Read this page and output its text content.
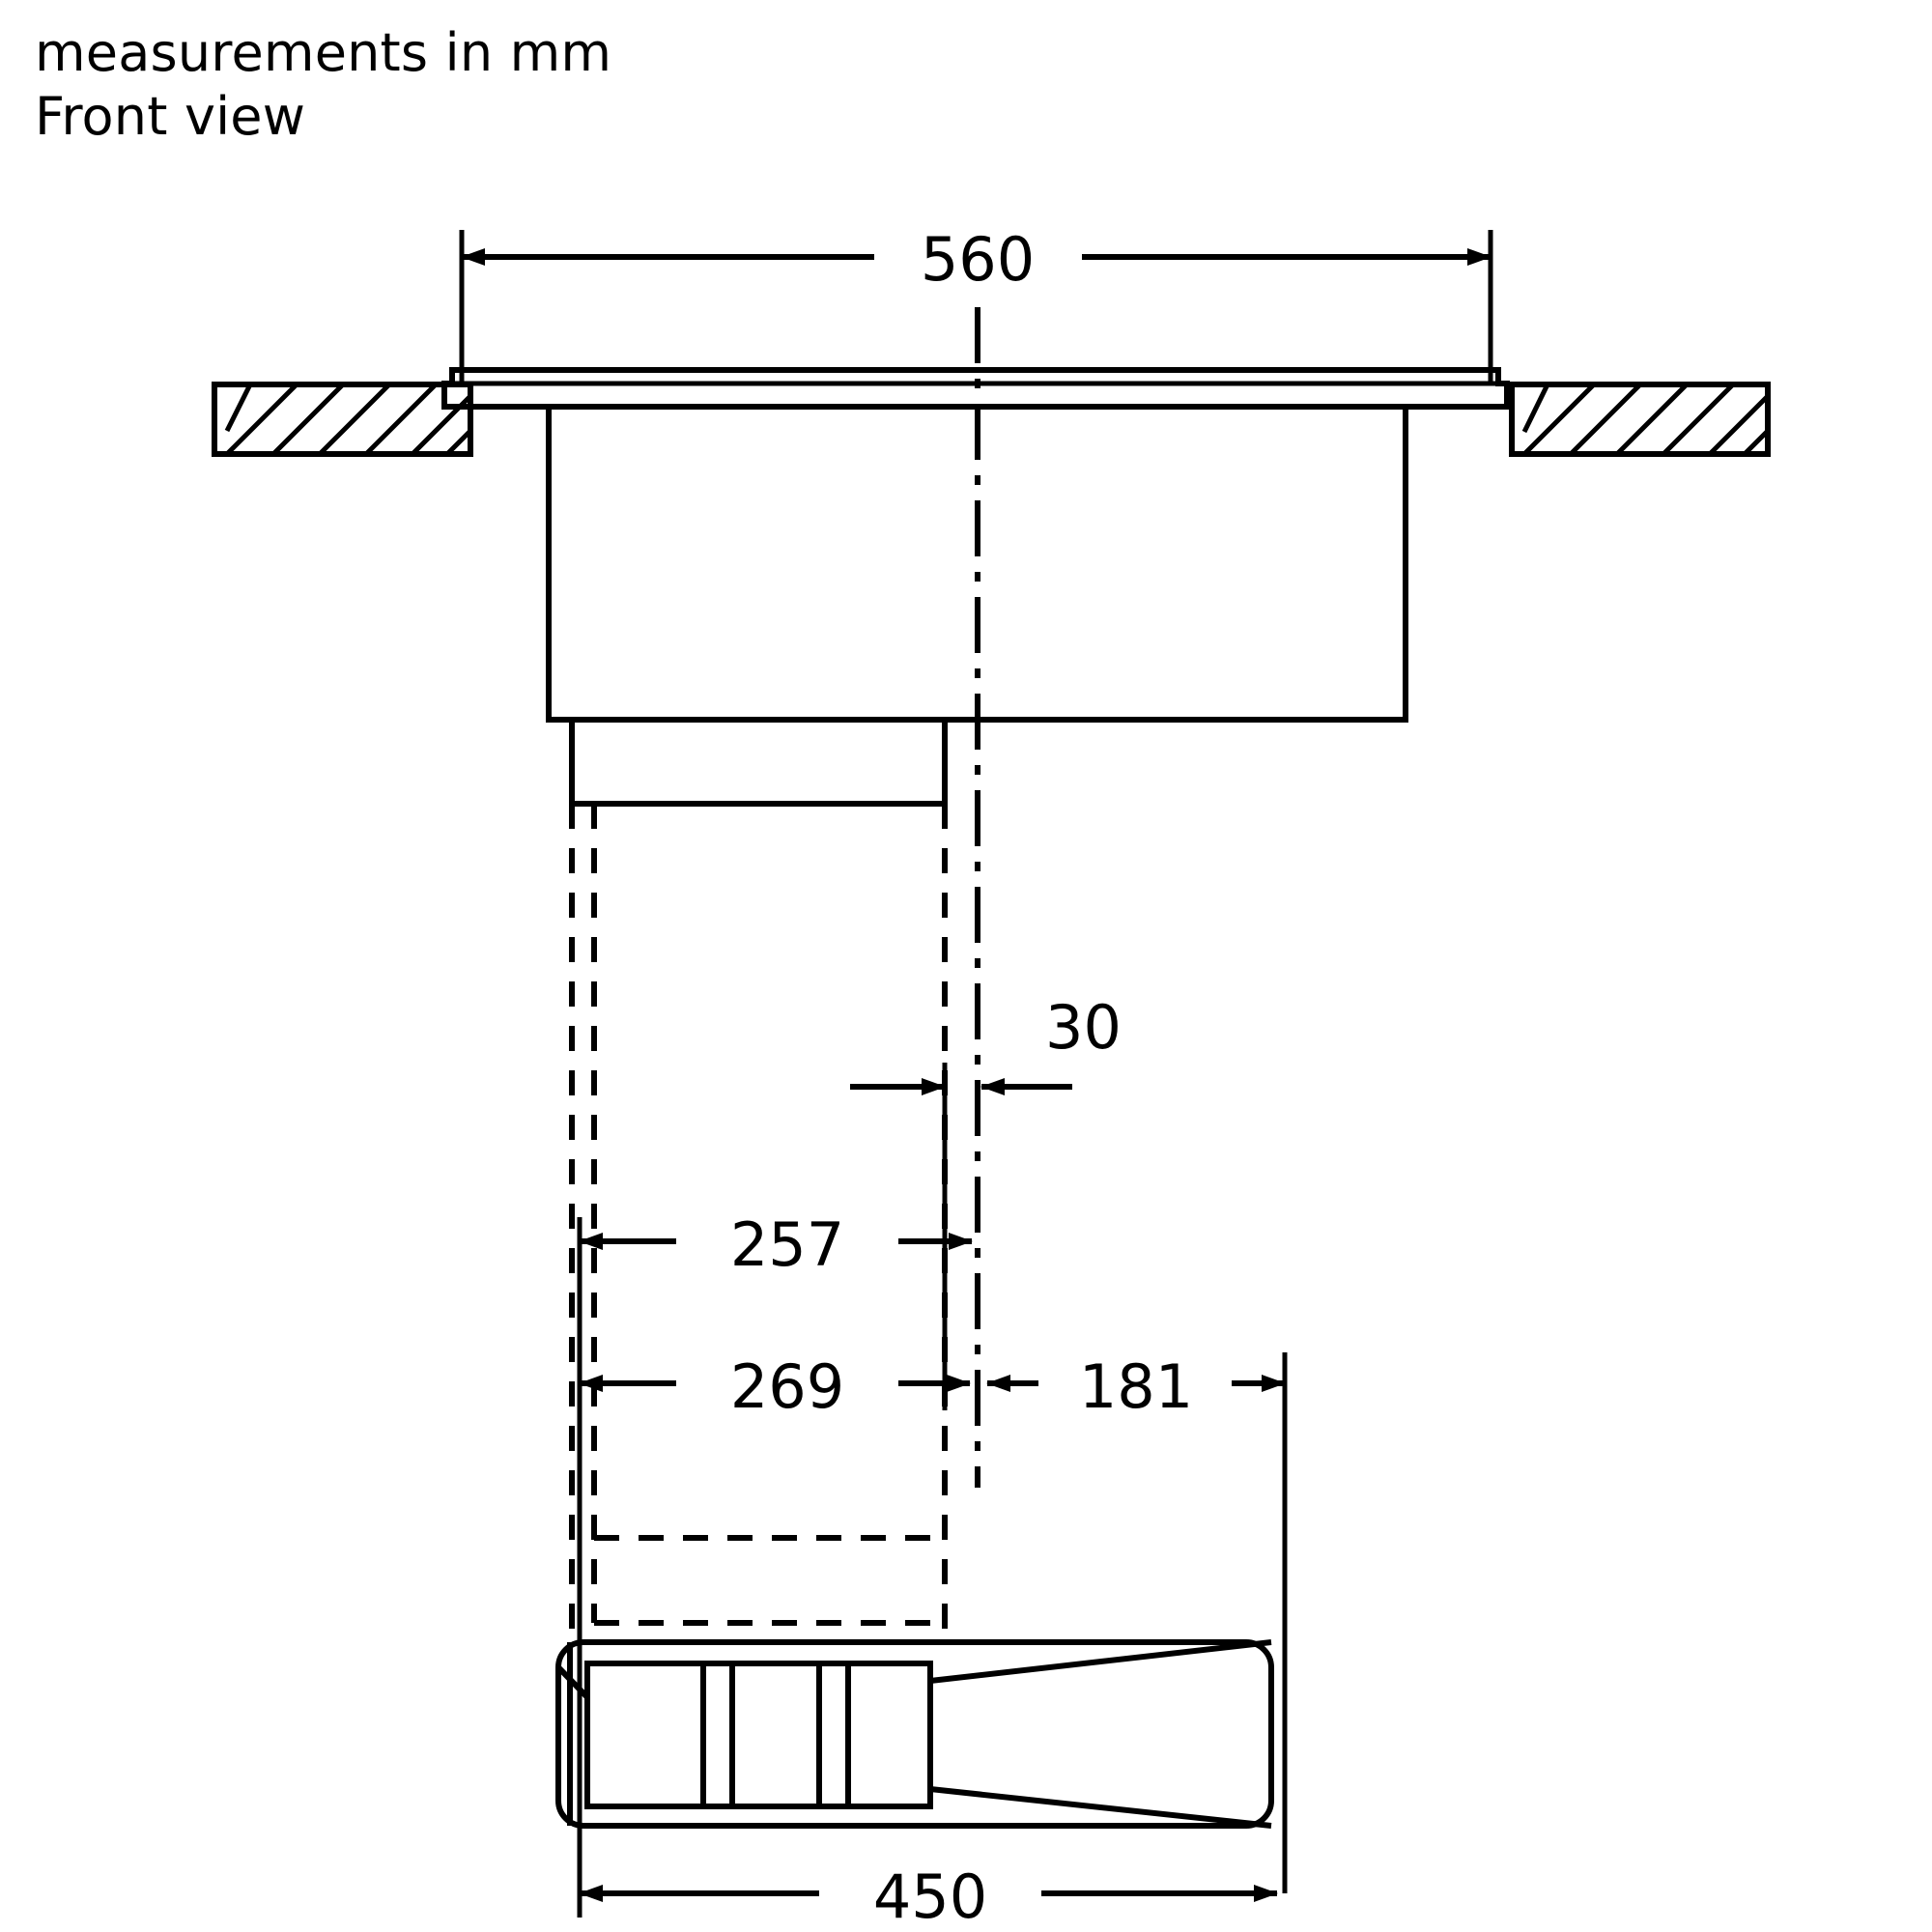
measurements in mm
Front view
560
30
257
269	181
450
